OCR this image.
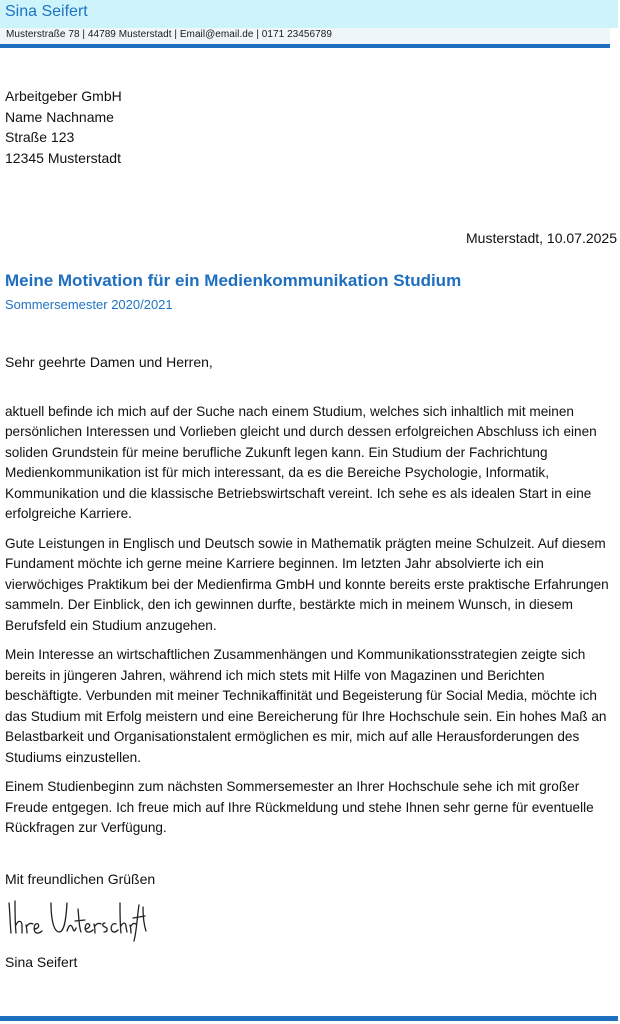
Sina Seifert
Musterstraße 78 | 44789 Musterstadt | Email@email.de | 0171 23456789
Arbeitgeber GmbH
Name Nachname
Straße 123
12345 Musterstadt
Musterstadt, 10.07.2025
Meine Motivation für ein Medienkommunikation Studium
Sommersemester 2020/2021
Sehr geehrte Damen und Herren,

aktuell befinde ich mich auf der Suche nach einem Studium, welches sich inhaltlich mit meinen persönlichen Interessen und Vorlieben gleicht und durch dessen erfolgreichen Abschluss ich einen soliden Grundstein für meine berufliche Zukunft legen kann. Ein Studium der Fachrichtung Medienkommunikation ist für mich interessant, da es die Bereiche Psychologie, Informatik, Kommunikation und die klassische Betriebswirtschaft vereint. Ich sehe es als idealen Start in eine erfolgreiche Karriere.

Gute Leistungen in Englisch und Deutsch sowie in Mathematik prägten meine Schulzeit. Auf diesem Fundament möchte ich gerne meine Karriere beginnen. Im letzten Jahr absolvierte ich ein vierwöchiges Praktikum bei der Medienfirma GmbH und konnte bereits erste praktische Erfahrungen sammeln. Der Einblick, den ich gewinnen durfte, bestärkte mich in meinem Wunsch, in diesem Berufsfeld ein Studium anzugehen.

Mein Interesse an wirtschaftlichen Zusammenhängen und Kommunikationsstrategien zeigte sich bereits in jüngeren Jahren, während ich mich stets mit Hilfe von Magazinen und Berichten beschäftigte. Verbunden mit meiner Technikaffinität und Begeisterung für Social Media, möchte ich das Studium mit Erfolg meistern und eine Bereicherung für Ihre Hochschule sein. Ein hohes Maß an Belastbarkeit und Organisationstalent ermöglichen es mir, mich auf alle Herausforderungen des Studiums einzustellen.

Einem Studienbeginn zum nächsten Sommersemester an Ihrer Hochschule sehe ich mit großer Freude entgegen. Ich freue mich auf Ihre Rückmeldung und stehe Ihnen sehr gerne für eventuelle Rückfragen zur Verfügung.

Mit freundlichen Grüßen
Sina Seifert
